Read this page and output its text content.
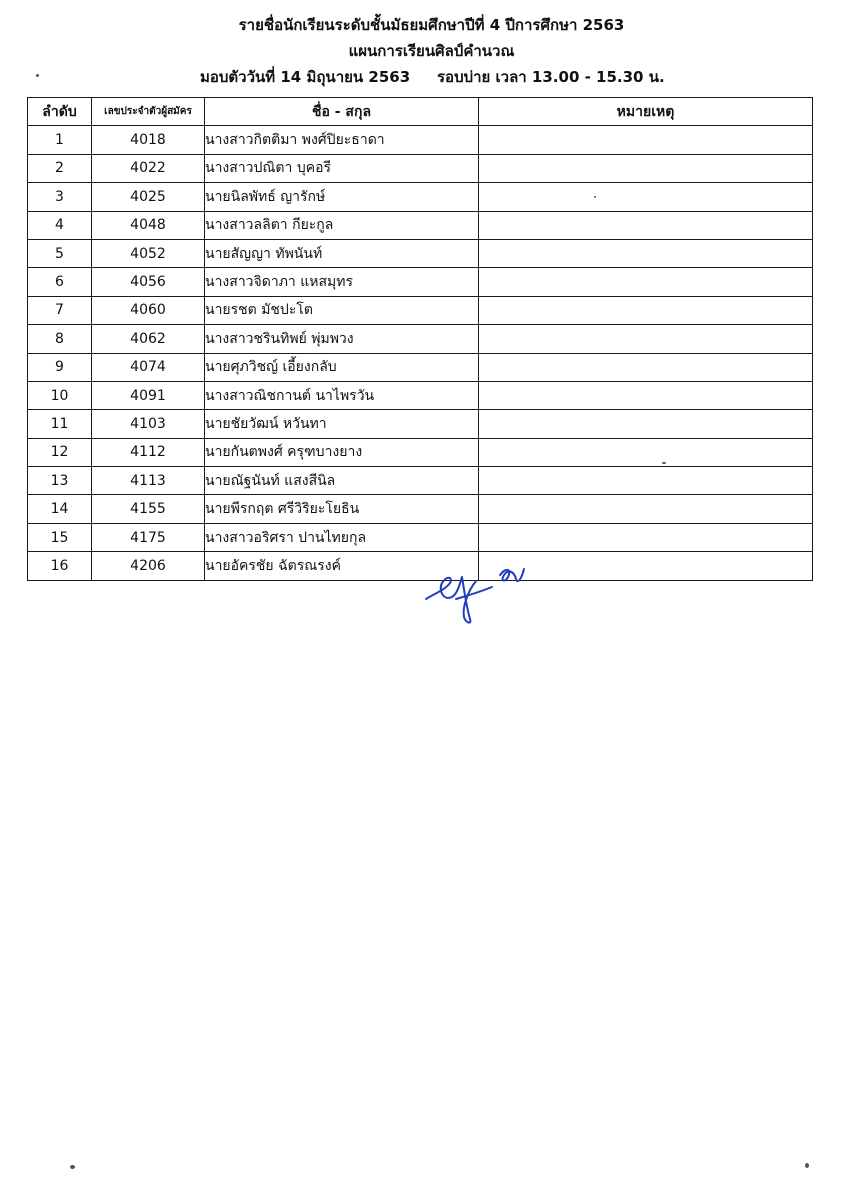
รายชื่อนักเรียนระดับชั้นมัธยมศึกษาปีที่ 4 ปีการศึกษา 2563
แผนการเรียนศิลป์คำนวณ
มอบตัววันที่ 14 มิถุนายน 2563 รอบบ่าย เวลา 13.00 - 15.30 น.
ลำดับ	เลขประจำตัวผู้สมัคร	ชื่อ - สกุล	หมายเหตุ
1	4018	นางสาวกิตติมา พงศ์ปิยะธาดา	
2	4022	นางสาวปณิตา บุคอรี	
3	4025	นายนิลพัทธ์ ญารักษ์	
4	4048	นางสาวลลิตา กียะกูล	
5	4052	นายสัญญา ทัพนันท์	
6	4056	นางสาวจิดาภา แหสมุทร	
7	4060	นายรชต มัชปะโต	
8	4062	นางสาวชรินทิพย์ พุ่มพวง	
9	4074	นายศุภวิชญ์ เอี้ยงกลับ	
10	4091	นางสาวณิชกานต์ นาไพรวัน	
11	4103	นายชัยวัฒน์ หวันทา	
12	4112	นายกันตพงศ์ ครุฑบางยาง	
13	4113	นายณัฐนันท์ แสงสีนิล	
14	4155	นายพีรกฤต ศรีวิริยะโยธิน	
15	4175	นางสาวอริศรา ปานไทยกุล	
16	4206	นายอัครชัย ฉัตรณรงค์	
